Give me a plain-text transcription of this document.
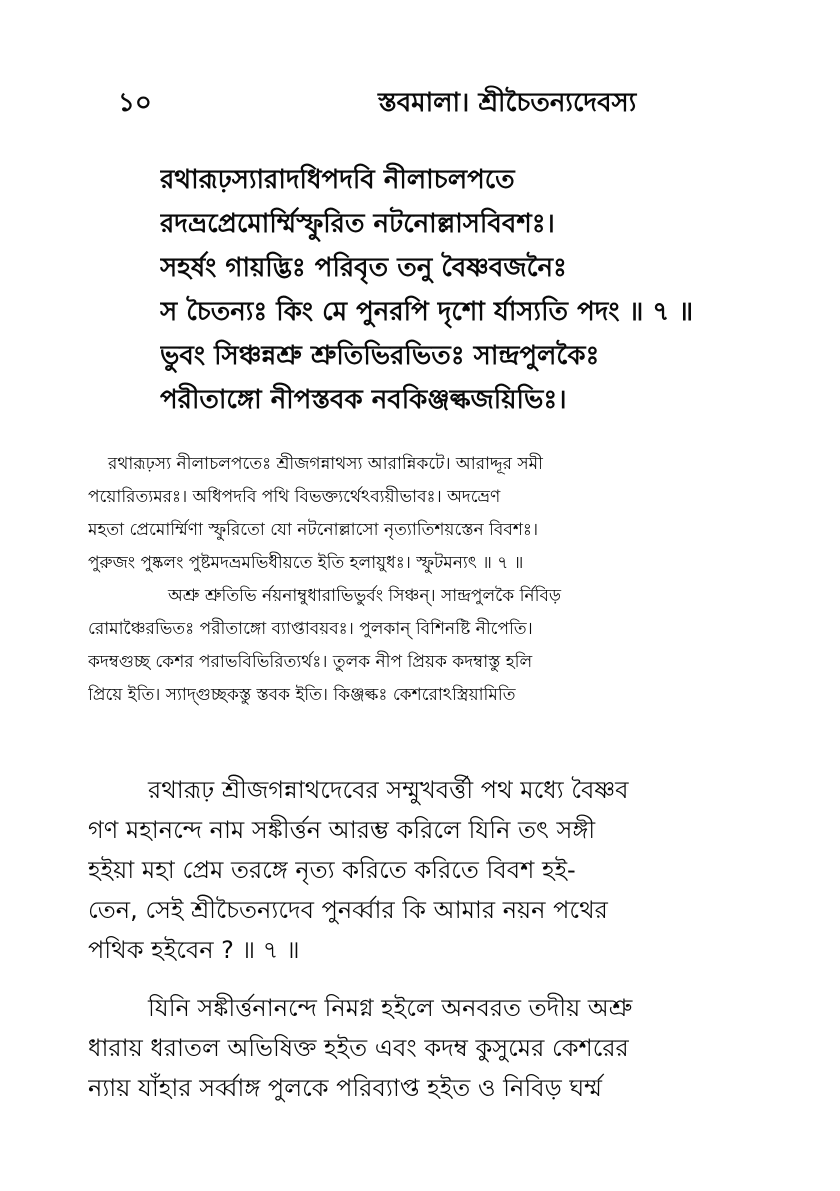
১০	স্তবমালা। শ্রীচৈতন্যদেবস্য
রথারূঢ়স্যারাদধিপদবি নীলাচলপতে
রদভ্রপ্রেমোর্ম্মিস্ফুরিত নটনোল্লাসবিবশঃ।
সহর্ষং গায়দ্ভিঃ পরিবৃত তনু বৈষ্ণবজনৈঃ
স চৈতন্যঃ কিং মে পুনরপি দৃশো র্যাস্যতি পদং ॥ ৭ ॥
ভুবং সিঞ্চন্নশ্রু শ্রুতিভিরভিতঃ সান্দ্রপুলকৈঃ
পরীতাঙ্গো নীপস্তবক নবকিঞ্জল্কজয়িভিঃ।
রথারূঢ়স্য নীলাচলপতেঃ শ্রীজগন্নাথস্য আরান্নিকটে। আরাদ্দূর সমী
পয়োরিত্যমরঃ। অধিপদবি পথি বিভক্ত্যর্থেঽব্যয়ীভাবঃ। অদভ্রেণ
মহতা প্রেমোর্ম্মিণা স্ফুরিতো যো নটনোল্লাসো নৃত্যাতিশয়স্তেন বিবশঃ।
পুরুজং পুষ্কলং পুষ্টমদভ্রমভিধীয়তে ইতি হলায়ুধঃ। স্ফুটমন্যৎ ॥ ৭ ॥
অশ্রু শ্রুতিভি র্নয়নাম্বুধারাভিভুর্বং সিঞ্চন্। সান্দ্রপুলকৈ র্নিবিড়
রোমাঞ্চৈরভিতঃ পরীতাঙ্গো ব্যাপ্তাবয়বঃ। পুলকান্ বিশিনষ্টি নীপেতি।
কদম্বগুচ্ছ কেশর পরাভবিভিরিত্যর্থঃ। তুলক নীপ প্রিয়ক কদম্বাস্তু হলি
প্রিয়ে ইতি। স্যাদ্গুচ্ছকস্তু স্তবক ইতি। কিঞ্জল্কঃ কেশরোঽস্ত্রিয়ামিতি
রথারূঢ় শ্রীজগন্নাথদেবের সম্মুখবর্ত্তী পথ মধ্যে বৈষ্ণব
গণ মহানন্দে নাম সঙ্কীর্ত্তন আরম্ভ করিলে যিনি তৎ সঙ্গী
হইয়া মহা প্রেম তরঙ্গে নৃত্য করিতে করিতে বিবশ হই-
তেন, সেই শ্রীচৈতন্যদেব পুনর্ব্বার কি আমার নয়ন পথের
পথিক হইবেন ? ॥ ৭ ॥
যিনি সঙ্কীর্ত্তনানন্দে নিমগ্ন হইলে অনবরত তদীয় অশ্রু
ধারায় ধরাতল অভিষিক্ত হইত এবং কদম্ব কুসুমের কেশরের
ন্যায় যাঁহার সর্ব্বাঙ্গ পুলকে পরিব্যাপ্ত হইত ও নিবিড় ঘর্ম্ম
